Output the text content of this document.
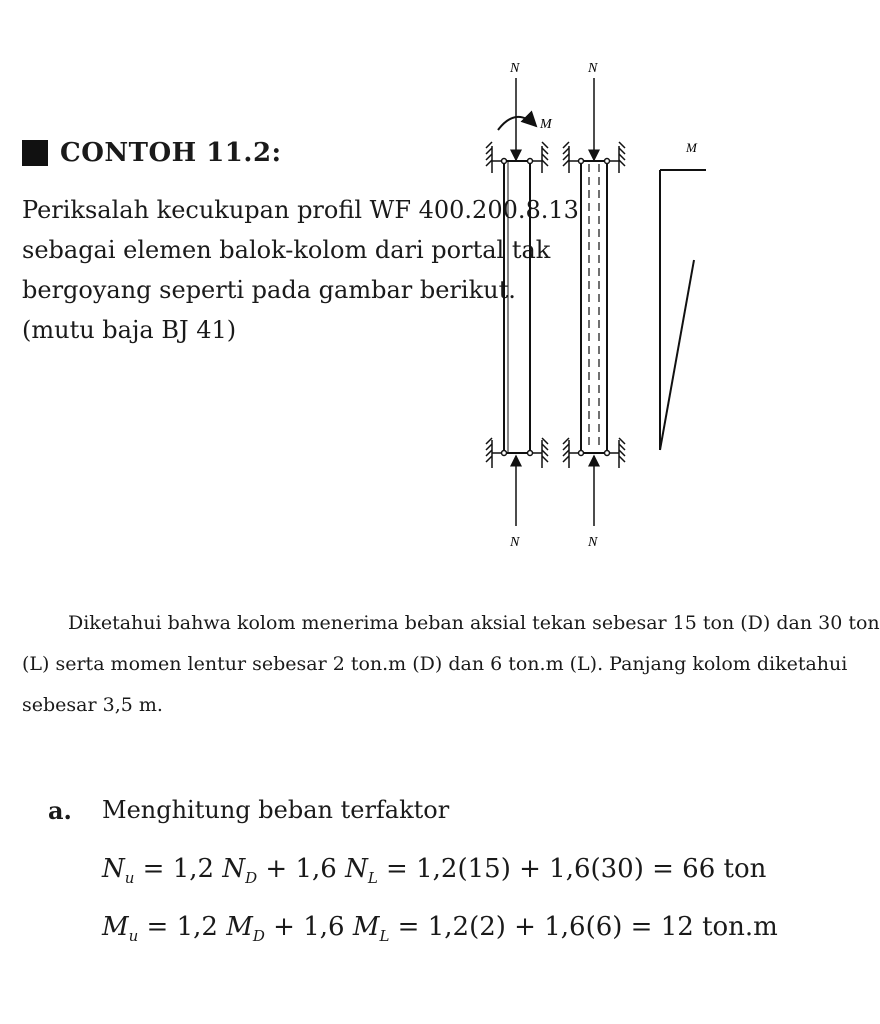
CONTOH 11.2:
Periksalah kecukupan profil WF 400.200.8.13
sebagai elemen balok-kolom dari portal tak
bergoyang seperti pada gambar berikut.
(mutu baja BJ 41)
N
M
N
N
N
M
Diketahui bahwa kolom menerima beban aksial tekan sebesar 15 ton (D) dan 30 ton
(L) serta momen lentur sebesar 2 ton.m (D) dan 6 ton.m (L). Panjang kolom diketahui
sebesar 3,5 m.
a.	Menghitung beban terfaktor
$N_u = 1,2$ $N_D + 1,6$ $N_L = 1,2(15) + 1,6(30) = 66$ ton
$M_u = 1,2$ $M_D + 1,6$ $M_L = 1,2(2) + 1,6(6) = 12$ ton.m
